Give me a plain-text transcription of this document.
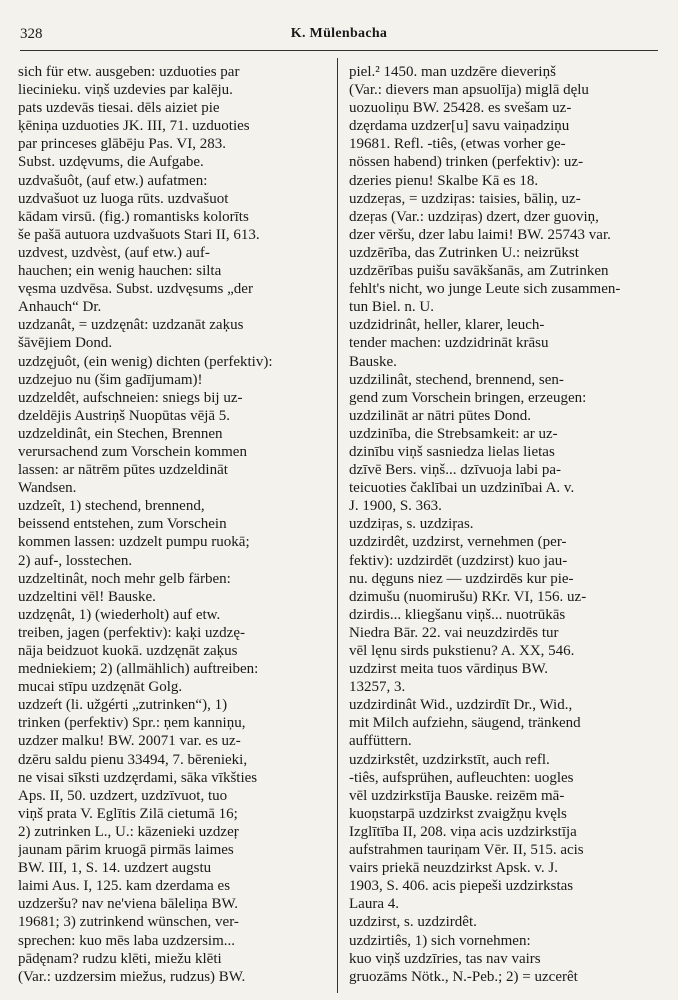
328	K. Mülenbacha
sich für etw. ausgeben: uzduoties par
liecinieku. viņš uzdevies par kalēju.
pats uzdevās tiesai. dēls aiziet pie
ķēniņa uzduoties JK. III, 71. uzduoties
par princeses glābēju Pas. VI, 283.
Subst. uzdęvums, die Aufgabe.
uzdvašuôt, (auf etw.) aufatmen:
uzdvašuot uz luoga rūts. uzdvašuot
kādam virsū. (fig.) romantisks kolorīts
še pašā autuora uzdvašuots Stari II, 613.
uzdvest, uzdvèst, (auf etw.) auf-
hauchen; ein wenig hauchen: silta
vęsma uzdvēsa. Subst. uzdvęsums „der
Anhauch“ Dr.
uzdzanât, = uzdzęnât: uzdzanāt zaķus
šāvējiem Dond.
uzdzęjuôt, (ein wenig) dichten (perfektiv):
uzdzejuo nu (šim gadījumam)!
uzdzeldêt, aufschneien: sniegs bij uz-
dzeldējis Austriņš Nuopūtas vējā 5.
uzdzeldinât, ein Stechen, Brennen
verursachend zum Vorschein kommen
lassen: ar nātrēm pūtes uzdzeldināt
Wandsen.
uzdzeît, 1) stechend, brennend,
beissend entstehen, zum Vorschein
kommen lassen: uzdzelt pumpu ruokā;
2) auf-, losstechen.
uzdzeltinât, noch mehr gelb färben:
uzdzeltini vēl! Bauske.
uzdzęnât, 1) (wiederholt) auf etw.
treiben, jagen (perfektiv): kaķi uzdzę-
nāja beidzuot kuokā. uzdzęnāt zaķus
medniekiem; 2) (allmählich) auftreiben:
mucai stīpu uzdzęnāt Golg.
uzdzeŕt (li. užgérti „zutrinken“), 1)
trinken (perfektiv) Spr.: ņem kanniņu,
uzdzer malku! BW. 20071 var. es uz-
dzēru saldu pienu 33494, 7. bērenieki,
ne visai sīksti uzdzęrdami, sāka vīkšties
Aps. II, 50. uzdzert, uzdzīvuot, tuo
viņš prata V. Eglītis Zilā cietumā 16;
2) zutrinken L., U.: kāzenieki uzdzeŗ
jaunam pārim kruogā pirmās laimes
BW. III, 1, S. 14. uzdzert augstu
laimi Aus. I, 125. kam dzerdama es
uzdzeršu? nav ne'viena bāleliņa BW.
19681; 3) zutrinkend wünschen, ver-
sprechen: kuo mēs laba uzdzersim...
pādęnam? rudzu klēti, miežu klēti
(Var.: uzdzersim miežus, rudzus) BW.
piel.² 1450. man uzdzēre dieveriņš
(Var.: dievers man apsuolīja) miglā dęlu
uozuoliņu BW. 25428. es svešam uz-
dzęrdama uzdzer[u] savu vaiņadziņu
19681. Refl. -tiês, (etwas vorher ge-
nössen habend) trinken (perfektiv): uz-
dzeries pienu! Skalbe Kā es 18.
uzdzeŗas, = uzdziŗas: taisies, bāliņ, uz-
dzeŗas (Var.: uzdziŗas) dzert, dzer guoviņ,
dzer vēršu, dzer labu laimi! BW. 25743 var.
uzdzērība, das Zutrinken U.: neizrūkst
uzdzērības puišu savākšanās, am Zutrinken
fehlt's nicht, wo junge Leute sich zusammen-
tun Biel. n. U.
uzdzidrinât, heller, klarer, leuch-
tender machen: uzdzidrināt krāsu
Bauske.
uzdzilinât, stechend, brennend, sen-
gend zum Vorschein bringen, erzeugen:
uzdzilināt ar nātri pūtes Dond.
uzdzinība, die Strebsamkeit: ar uz-
dzinību viņš sasniedza lielas lietas
dzīvē Bers. viņš... dzīvuoja labi pa-
teicuoties čaklībai un uzdzinībai A. v.
J. 1900, S. 363.
uzdziŗas, s. uzdziŗas.
uzdzirdêt, uzdzirst, vernehmen (per-
fektiv): uzdzirdēt (uzdzirst) kuo jau-
nu. dęguns niez — uzdzirdēs kur pie-
dzimušu (nuomirušu) RKr. VI, 156. uz-
dzirdis... kliegšanu viņš... nuotrūkās
Niedra Bār. 22. vai neuzdzirdēs tur
vēl lęnu sirds pukstienu? A. XX, 546.
uzdzirst meita tuos vārdiņus BW.
13257, 3.
uzdzirdinât Wid., uzdzirdīt Dr., Wid.,
mit Milch aufziehn, säugend, tränkend
auffüttern.
uzdzirkstêt, uzdzirkstīt, auch refl.
-tiês, aufsprühen, aufleuchten: uogles
vēl uzdzirkstīja Bauske. reizēm mā-
kuoņstarpā uzdzirkst zvaigžņu kvęls
Izglītība II, 208. viņa acis uzdzirkstīja
aufstrahmen tauriņam Vēr. II, 515. acis
vairs priekā neuzdzirkst Apsk. v. J.
1903, S. 406. acis piepeši uzdzirkstas
Laura 4.
uzdzirst, s. uzdzirdêt.
uzdzirtiês, 1) sich vornehmen:
kuo viņš uzdzīries, tas nav vairs
gruozāms Nötk., N.-Peb.; 2) = uzcerêt
